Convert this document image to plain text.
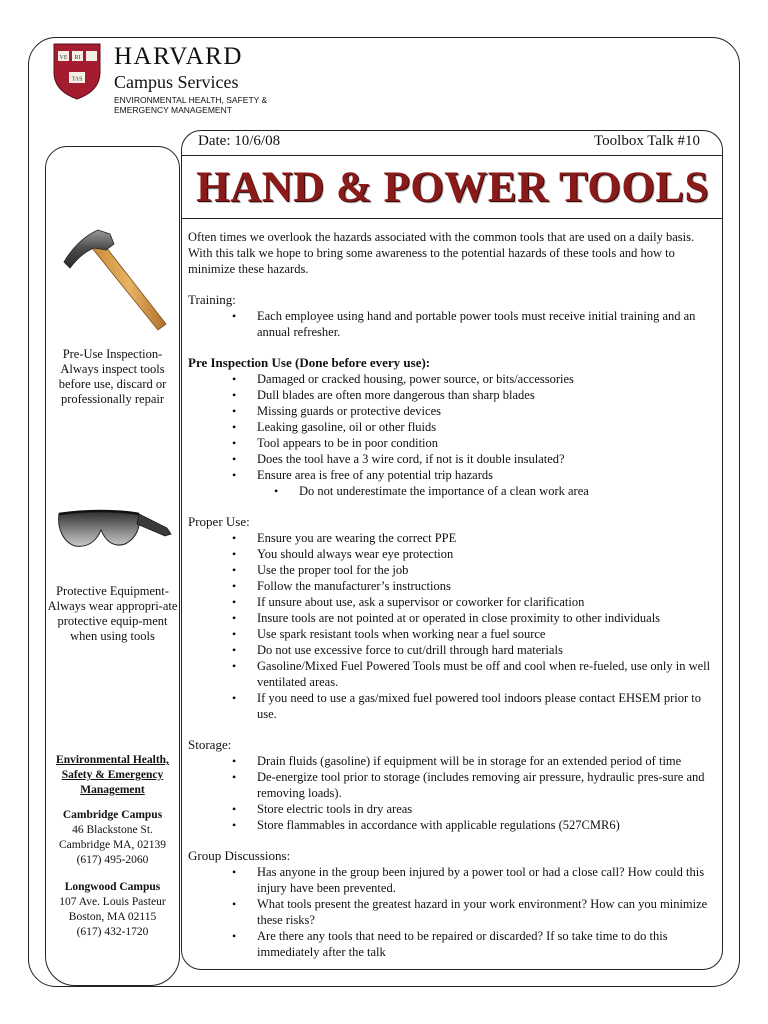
VE RI
TAS
HARVARD
Campus Services
ENVIRONMENTAL HEALTH, SAFETY &
EMERGENCY MANAGEMENT
Pre-Use Inspection- Always inspect tools before use, discard or professionally repair
Protective Equipment- Always wear appropri-ate protective equip-ment when using tools
Environmental Health, Safety & Emergency Management
Cambridge Campus
46 Blackstone St.
Cambridge MA, 02139
(617) 495-2060
Longwood Campus
107 Ave. Louis Pasteur
Boston, MA 02115
(617) 432-1720
Date: 10/6/08	Toolbox Talk #10
HAND & POWER TOOLS

Often times we overlook the hazards associated with the common tools that are used on a daily basis. With this talk we hope to bring some awareness to the potential hazards of these tools and how to minimize these hazards.

Training:
• Each employee using hand and portable power tools must receive initial training and an annual refresher.
Pre Inspection Use (Done before every use):
• Damaged or cracked housing, power source, or bits/accessories
• Dull blades are often more dangerous than sharp blades
• Missing guards or protective devices
• Leaking gasoline, oil or other fluids
• Tool appears to be in poor condition
• Does the tool have a 3 wire cord, if not is it double insulated?
• Ensure area is free of any potential trip hazards
• Do not underestimate the importance of a clean work area
Proper Use:
• Ensure you are wearing the correct PPE
• You should always wear eye protection
• Use the proper tool for the job
• Follow the manufacturer’s instructions
• If unsure about use, ask a supervisor or coworker for clarification
• Insure tools are not pointed at or operated in close proximity to other individuals
• Use spark resistant tools when working near a fuel source
• Do not use excessive force to cut/drill through hard materials
• Gasoline/Mixed Fuel Powered Tools must be off and cool when re-fueled, use only in well ventilated areas.
• If you need to use a gas/mixed fuel powered tool indoors please contact EHSEM prior to use.
Storage:
• Drain fluids (gasoline) if equipment will be in storage for an extended period of time
• De-energize tool prior to storage (includes removing air pressure, hydraulic pres-sure and removing loads).
• Store electric tools in dry areas
• Store flammables in accordance with applicable regulations (527CMR6)
Group Discussions:
• Has anyone in the group been injured by a power tool or had a close call? How could this injury have been prevented.
• What tools present the greatest hazard in your work environment? How can you minimize these risks?
• Are there any tools that need to be repaired or discarded? If so take time to do this immediately after the talk
